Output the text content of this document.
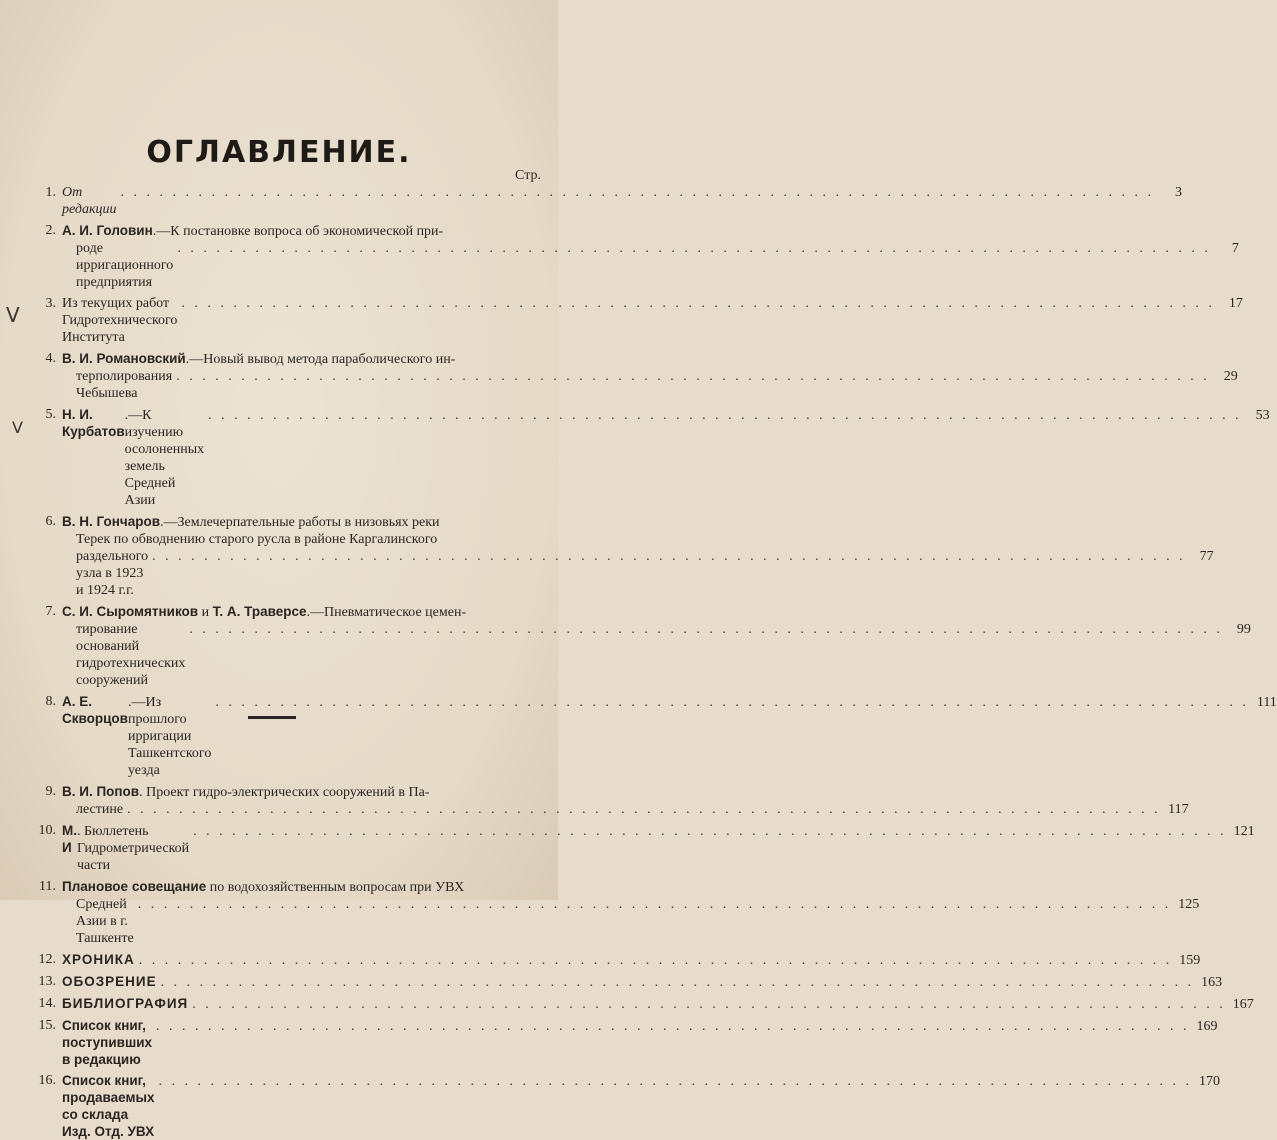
ОГЛАВЛЕНИЕ.
Стр.
1. От редакции
. . . . . . . . . . . . . . . . . . . . . . . . . . . . . . . . . . . . . . . . . . . . . . . . . . . . . . . . . . . . . . . . . . . . . . . . . . . . . . . .	3
2. А. И. Головин.—К постановке вопроса об экономической при-
роде ирригационного предприятия
. . . . . . . . . . . . . . . . . . . . . . . . . . . . . . . . . . . . . . . . . . . . . . . . . . . . . . . . . . . . . . . . . . . . . . . . . . . . . . . .	7
3. Из текущих работ Гидротехнического Института
. . . . . . . . . . . . . . . . . . . . . . . . . . . . . . . . . . . . . . . . . . . . . . . . . . . . . . . . . . . . . . . . . . . . . . . . . . . . . . . .	17
4. В. И. Романовский.—Новый вывод метода параболического ин-
терполирования Чебышева
. . . . . . . . . . . . . . . . . . . . . . . . . . . . . . . . . . . . . . . . . . . . . . . . . . . . . . . . . . . . . . . . . . . . . . . . . . . . . . . .	29
5. Н. И. Курбатов
.—К изучению осолоненных земель Средней Азии
. . . . . . . . . . . . . . . . . . . . . . . . . . . . . . . . . . . . . . . . . . . . . . . . . . . . . . . . . . . . . . . . . . . . . . . . . . . . . . . .	53
6. В. Н. Гончаров.—Землечерпательные работы в низовьях реки
Терек по обводнению старого русла в районе Каргалинского
раздельного узла в 1923 и 1924 г.г.
. . . . . . . . . . . . . . . . . . . . . . . . . . . . . . . . . . . . . . . . . . . . . . . . . . . . . . . . . . . . . . . . . . . . . . . . . . . . . . . .	77
7. С. И. Сыромятников и Т. А. Траверсе.—Пневматическое цемен-
тирование оснований гидротехнических сооружений
. . . . . . . . . . . . . . . . . . . . . . . . . . . . . . . . . . . . . . . . . . . . . . . . . . . . . . . . . . . . . . . . . . . . . . . . . . . . . . . .	99
8. А. Е. Скворцов
.—Из прошлого ирригации Ташкентского уезда
. . . . . . . . . . . . . . . . . . . . . . . . . . . . . . . . . . . . . . . . . . . . . . . . . . . . . . . . . . . . . . . . . . . . . . . . . . . . . . . . 111
9. В. И. Попов. Проект гидро-электрических сооружений в Па-
лестине . . . . . . . . . . . . . . . . . . . . . . . . . . . . . . . . . . . . . . . . . . . . . . . . . . . . . . . . . . . . . . . . . . . . . . . . . . . . . . . . 117
10. М. И
. Бюллетень Гидрометрической части
. . . . . . . . . . . . . . . . . . . . . . . . . . . . . . . . . . . . . . . . . . . . . . . . . . . . . . . . . . . . . . . . . . . . . . . . . . . . . . . . 121
11. Плановое совещание по водохозяйственным вопросам при УВХ
Средней Азии в г. Ташкенте
. . . . . . . . . . . . . . . . . . . . . . . . . . . . . . . . . . . . . . . . . . . . . . . . . . . . . . . . . . . . . . . . . . . . . . . . . . . . . . . . 125
12. ХРОНИКА . . . . . . . . . . . . . . . . . . . . . . . . . . . . . . . . . . . . . . . . . . . . . . . . . . . . . . . . . . . . . . . . . . . . . . . . . . . . . . . . 159
13. ОБОЗРЕНИЕ . . . . . . . . . . . . . . . . . . . . . . . . . . . . . . . . . . . . . . . . . . . . . . . . . . . . . . . . . . . . . . . . . . . . . . . . . . . . . . . . 163
14. БИБЛИОГРАФИЯ . . . . . . . . . . . . . . . . . . . . . . . . . . . . . . . . . . . . . . . . . . . . . . . . . . . . . . . . . . . . . . . . . . . . . . . . . . . . . . . . 167
15. Список книг, поступивших в редакцию
. . . . . . . . . . . . . . . . . . . . . . . . . . . . . . . . . . . . . . . . . . . . . . . . . . . . . . . . . . . . . . . . . . . . . . . . . . . . . . . . 169
16. Список книг, продаваемых со склада Изд. Отд. УВХ
. . . . . . . . . . . . . . . . . . . . . . . . . . . . . . . . . . . . . . . . . . . . . . . . . . . . . . . . . . . . . . . . . . . . . . . . . . . . . . . . 170
V
V
